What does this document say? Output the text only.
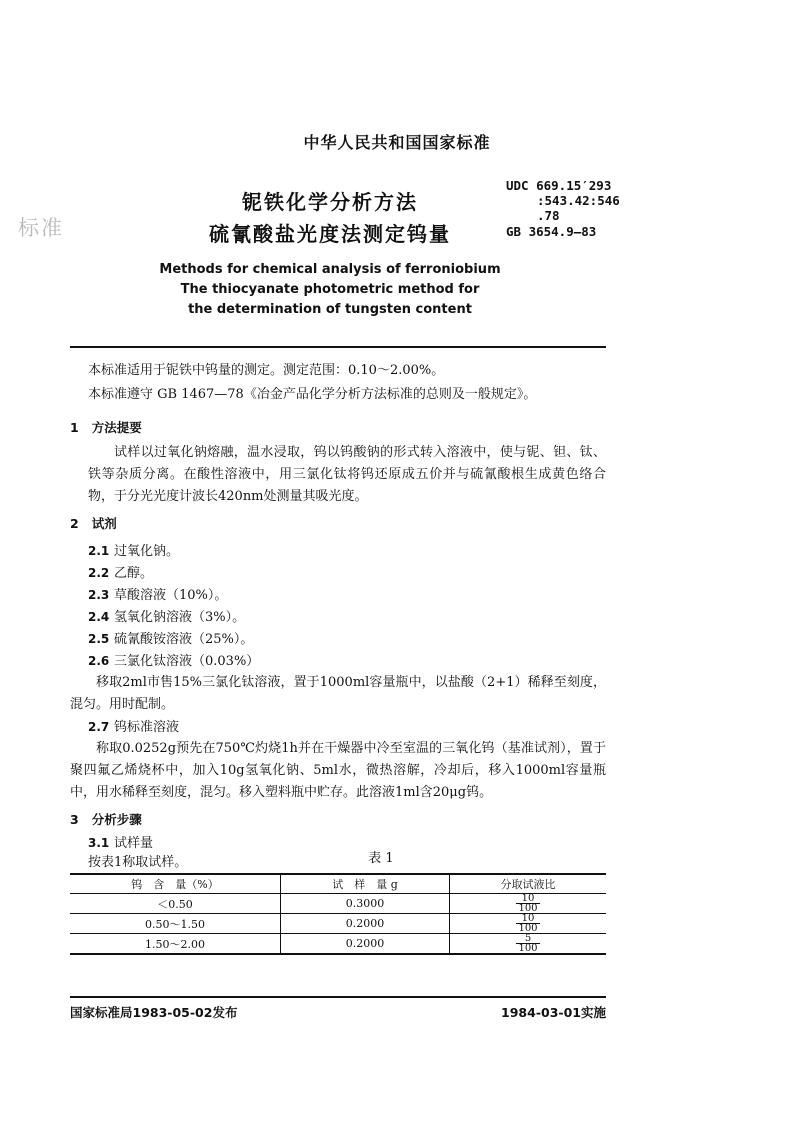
标准
中华人民共和国国家标准
铌铁化学分析方法
硫氰酸盐光度法测定钨量
UDC 669.15′293
:543.42:546
.78
GB 3654.9—83
Methods for chemical analysis of ferroniobium
The thiocyanate photometric method for
the determination of tungsten content
本标准适用于铌铁中钨量的测定。测定范围：0.10～2.00%。
本标准遵守 GB 1467—78《冶金产品化学分析方法标准的总则及一般规定》。
1 方法提要
试样以过氧化钠熔融，温水浸取，钨以钨酸钠的形式转入溶液中，使与铌、钽、钛、铁等杂质分离。在酸性溶液中，用三氯化钛将钨还原成五价并与硫氰酸根生成黄色络合物，于分光光度计波长420nm处测量其吸光度。
2 试剂
2.1 过氧化钠。
2.2 乙醇。
2.3 草酸溶液（10%）。
2.4 氢氧化钠溶液（3%）。
2.5 硫氰酸铵溶液（25%）。
2.6 三氯化钛溶液（0.03%）
移取2ml市售15%三氯化钛溶液，置于1000ml容量瓶中，以盐酸（2+1）稀释至刻度，混匀。用时配制。
2.7 钨标准溶液
称取0.0252g预先在750℃灼烧1h并在干燥器中冷至室温的三氧化钨（基准试剂），置于聚四氟乙烯烧杯中，加入10g氢氧化钠、5ml水，微热溶解，冷却后，移入1000ml容量瓶中，用水稀释至刻度，混匀。移入塑料瓶中贮存。此溶液1ml含20μg钨。
3 分析步骤
3.1 试样量
按表1称取试样。	表 1
钨　含　量（%）	试　样　量 g	分取试液比
＜0.50	0.3000	$\frac{10}{100}$

0.50～1.50	0.2000	$\frac{10}{100}$

1.50～2.00	0.2000	$\frac{5}{100}$
国家标准局1983-05-02发布	1984-03-01实施
